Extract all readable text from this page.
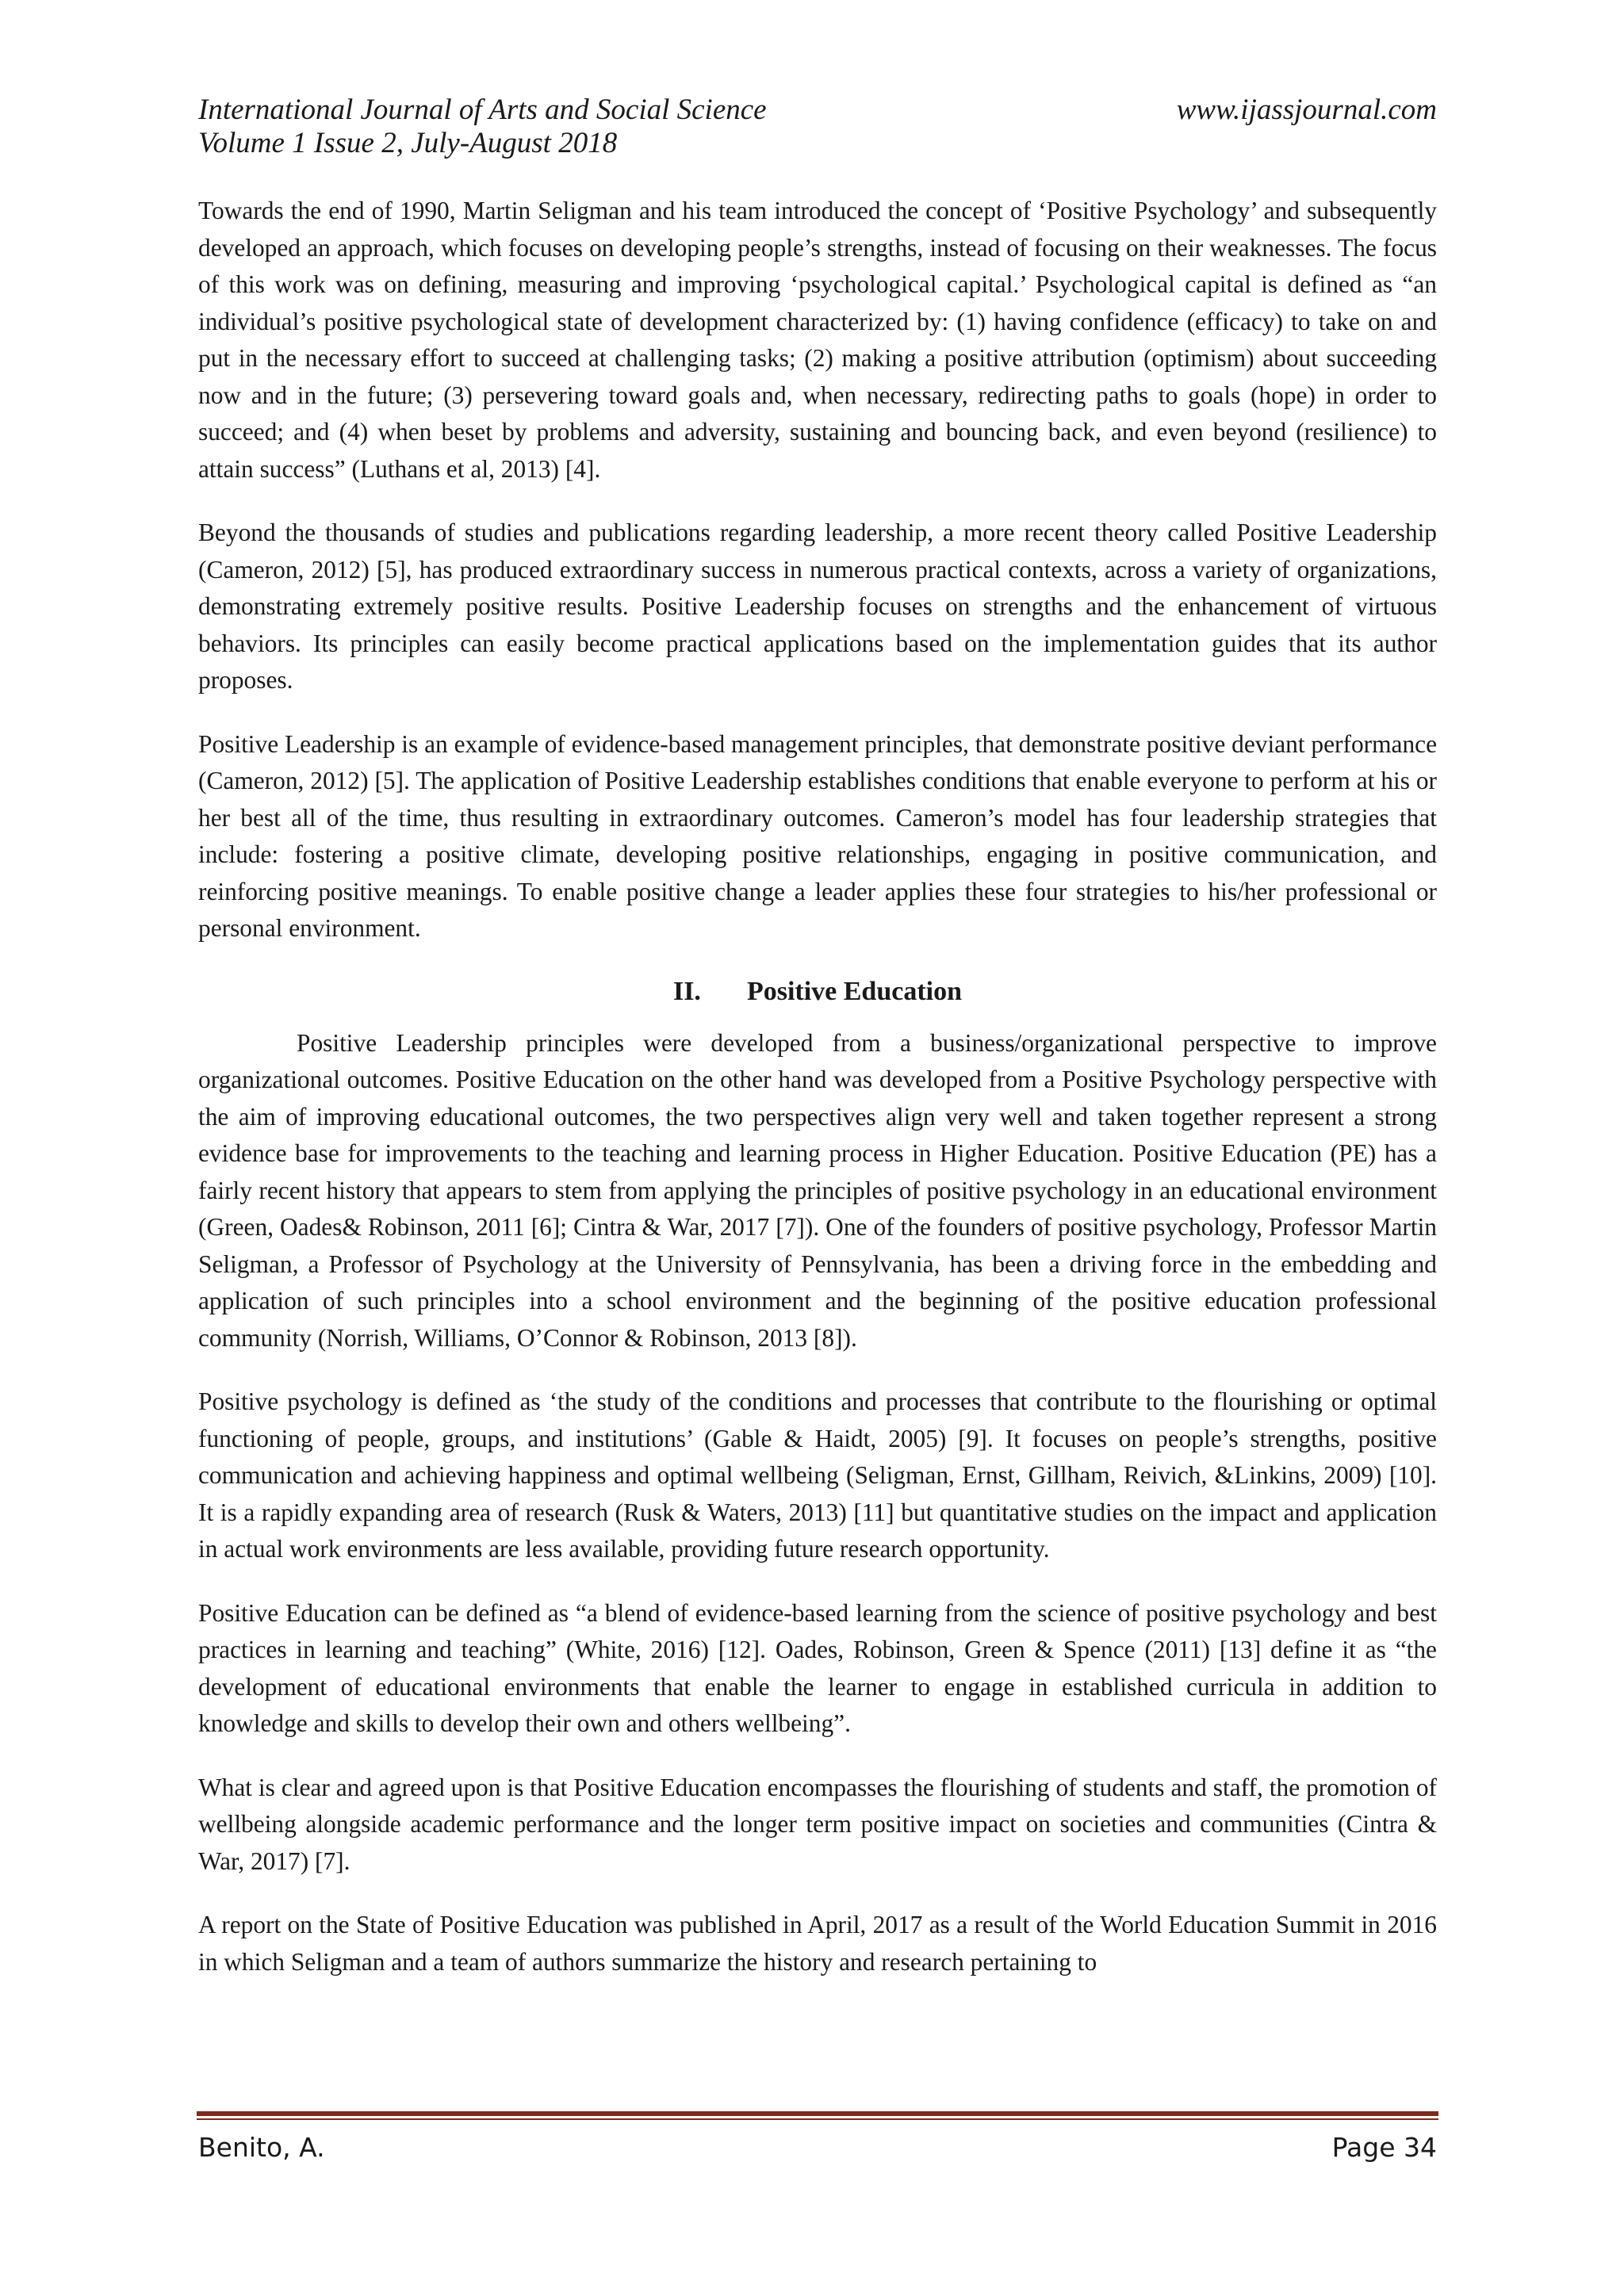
International Journal of Arts and Social Science
Volume 1 Issue 2, July-August 2018
www.ijassjournal.com

Towards the end of 1990, Martin Seligman and his team introduced the concept of ‘Positive Psychology’ and subsequently developed an approach, which focuses on developing people’s strengths, instead of focusing on their weaknesses. The focus of this work was on defining, measuring and improving ‘psychological capital.’ Psychological capital is defined as “an individual’s positive psychological state of development characterized by: (1) having confidence (efficacy) to take on and put in the necessary effort to succeed at challenging tasks; (2) making a positive attribution (optimism) about succeeding now and in the future; (3) persevering toward goals and, when necessary, redirecting paths to goals (hope) in order to succeed; and (4) when beset by problems and adversity, sustaining and bouncing back, and even beyond (resilience) to attain success” (Luthans et al, 2013) [4].

Beyond the thousands of studies and publications regarding leadership, a more recent theory called Positive Leadership (Cameron, 2012) [5], has produced extraordinary success in numerous practical contexts, across a variety of organizations, demonstrating extremely positive results. Positive Leadership focuses on strengths and the enhancement of virtuous behaviors. Its principles can easily become practical applications based on the implementation guides that its author proposes.

Positive Leadership is an example of evidence-based management principles, that demonstrate positive deviant performance (Cameron, 2012) [5]. The application of Positive Leadership establishes conditions that enable everyone to perform at his or her best all of the time, thus resulting in extraordinary outcomes. Cameron’s model has four leadership strategies that include: fostering a positive climate, developing positive relationships, engaging in positive communication, and reinforcing positive meanings. To enable positive change a leader applies these four strategies to his/her professional or personal environment.

II. Positive Education

Positive Leadership principles were developed from a business/organizational perspective to improve organizational outcomes. Positive Education on the other hand was developed from a Positive Psychology perspective with the aim of improving educational outcomes, the two perspectives align very well and taken together represent a strong evidence base for improvements to the teaching and learning process in Higher Education. Positive Education (PE) has a fairly recent history that appears to stem from applying the principles of positive psychology in an educational environment (Green, Oades& Robinson, 2011 [6]; Cintra & War, 2017 [7]). One of the founders of positive psychology, Professor Martin Seligman, a Professor of Psychology at the University of Pennsylvania, has been a driving force in the embedding and application of such principles into a school environment and the beginning of the positive education professional community (Norrish, Williams, O’Connor & Robinson, 2013 [8]).

Positive psychology is defined as ‘the study of the conditions and processes that contribute to the flourishing or optimal functioning of people, groups, and institutions’ (Gable & Haidt, 2005) [9]. It focuses on people’s strengths, positive communication and achieving happiness and optimal wellbeing (Seligman, Ernst, Gillham, Reivich, &Linkins, 2009) [10]. It is a rapidly expanding area of research (Rusk & Waters, 2013) [11] but quantitative studies on the impact and application in actual work environments are less available, providing future research opportunity.

Positive Education can be defined as “a blend of evidence-based learning from the science of positive psychology and best practices in learning and teaching” (White, 2016) [12]. Oades, Robinson, Green & Spence (2011) [13] define it as “the development of educational environments that enable the learner to engage in established curricula in addition to knowledge and skills to develop their own and others wellbeing”.

What is clear and agreed upon is that Positive Education encompasses the flourishing of students and staff, the promotion of wellbeing alongside academic performance and the longer term positive impact on societies and communities (Cintra & War, 2017) [7].

A report on the State of Positive Education was published in April, 2017 as a result of the World Education Summit in 2016 in which Seligman and a team of authors summarize the history and research pertaining to

Benito, A.	Page 34
